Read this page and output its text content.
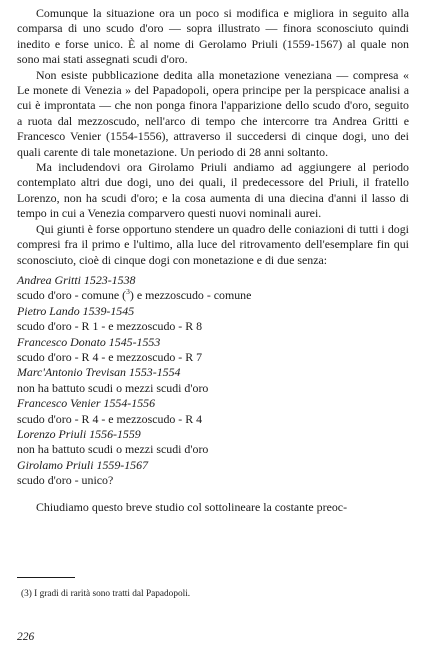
Comunque la situazione ora un poco si modifica e migliora in seguito alla comparsa di uno scudo d'oro — sopra illustrato — finora sconosciuto quindi inedito e forse unico. È al nome di Gerolamo Priuli (1559-1567) al quale non sono mai stati assegnati scudi d'oro.

Non esiste pubblicazione dedita alla monetazione veneziana — compresa « Le monete di Venezia » del Papadopoli, opera principe per la perspicace analisi a cui è improntata — che non ponga finora l'apparizione dello scudo d'oro, seguito a ruota dal mezzoscudo, nell'arco di tempo che intercorre tra Andrea Gritti e Francesco Venier (1554-1556), attraverso il succedersi di cinque dogi, uno dei quali carente di tale monetazione. Un periodo di 28 anni soltanto.

Ma includendovi ora Girolamo Priuli andiamo ad aggiungere al periodo contemplato altri due dogi, uno dei quali, il predecessore del Priuli, il fratello Lorenzo, non ha scudi d'oro; e la cosa aumenta di una diecina d'anni il lasso di tempo in cui a Venezia comparvero questi nuovi nominali aurei.

Qui giunti è forse opportuno stendere un quadro delle coniazioni di tutti i dogi compresi fra il primo e l'ultimo, alla luce del ritrovamento dell'esemplare fin qui sconosciuto, cioè di cinque dogi con monetazione e di due senza:

Andrea Gritti 1523-1538
scudo d'oro - comune ($^3$) e mezzoscudo - comune
Pietro Lando 1539-1545
scudo d'oro - R 1 - e mezzoscudo - R 8
Francesco Donato 1545-1553
scudo d'oro - R 4 - e mezzoscudo - R 7
Marc'Antonio Trevisan 1553-1554
non ha battuto scudi o mezzi scudi d'oro
Francesco Venier 1554-1556
scudo d'oro - R 4 - e mezzoscudo - R 4
Lorenzo Priuli 1556-1559
non ha battuto scudi o mezzi scudi d'oro
Girolamo Priuli 1559-1567
scudo d'oro - unico?

Chiudiamo questo breve studio col sottolineare la costante preoc-

(3) I gradi di rarità sono tratti dal Papadopoli.
226
